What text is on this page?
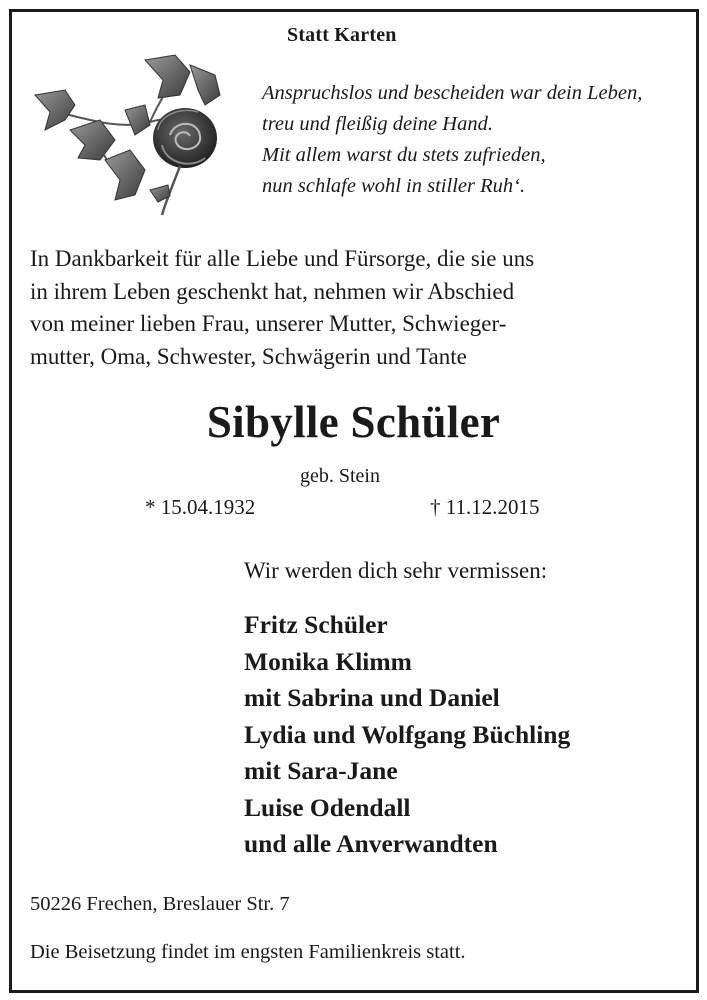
Statt Karten
Anspruchslos und bescheiden war dein Leben,
treu und fleißig deine Hand.
Mit allem warst du stets zufrieden,
nun schlafe wohl in stiller Ruh‘.
In Dankbarkeit für alle Liebe und Fürsorge, die sie uns
in ihrem Leben geschenkt hat, nehmen wir Abschied
von meiner lieben Frau, unserer Mutter, Schwieger-
mutter, Oma, Schwester, Schwägerin und Tante
Sibylle Schüler
geb. Stein
* 15.04.1932	† 11.12.2015
Wir werden dich sehr vermissen:
Fritz Schüler
Monika Klimm
mit Sabrina und Daniel
Lydia und Wolfgang Büchling
mit Sara-Jane
Luise Odendall
und alle Anverwandten
50226 Frechen, Breslauer Str. 7
Die Beisetzung findet im engsten Familienkreis statt.
